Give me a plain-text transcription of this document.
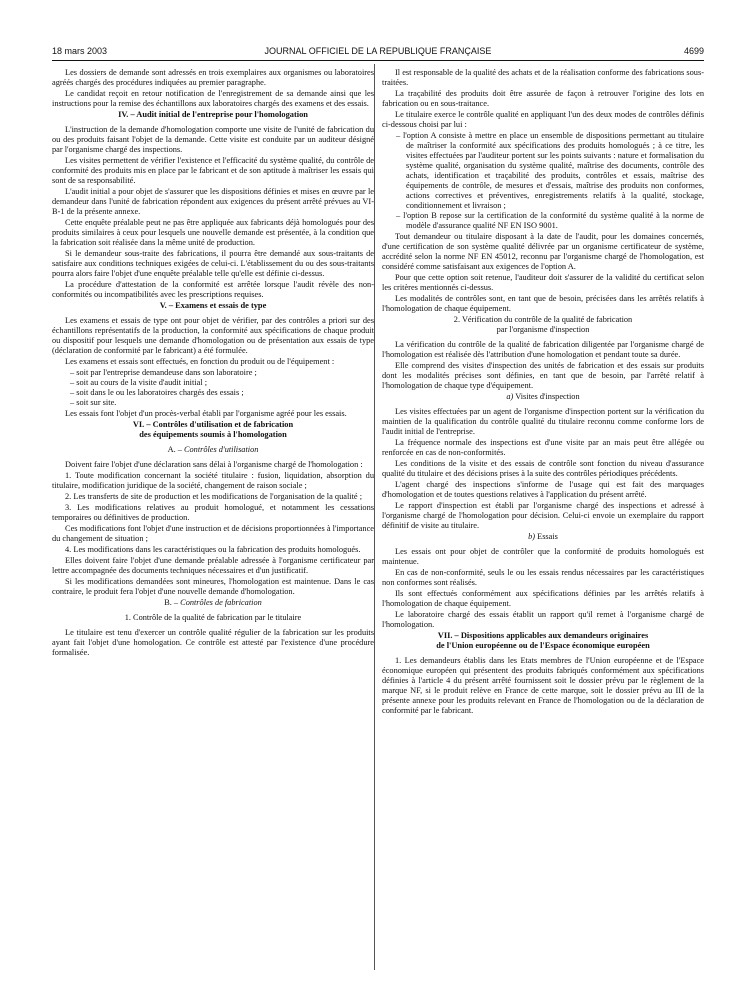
18 mars 2003	JOURNAL OFFICIEL DE LA REPUBLIQUE FRANÇAISE	4699

Les dossiers de demande sont adressés en trois exemplaires aux organismes ou laboratoires agréés chargés des procédures indiquées au premier paragraphe.

Le candidat reçoit en retour notification de l'enregistrement de sa demande ainsi que les instructions pour la remise des échantillons aux laboratoires chargés des examens et des essais.

IV. – Audit initial de l'entreprise pour l'homologation

L'instruction de la demande d'homologation comporte une visite de l'unité de fabrication du ou des produits faisant l'objet de la demande. Cette visite est conduite par un auditeur désigné par l'organisme chargé des inspections.

Les visites permettent de vérifier l'existence et l'efficacité du système qualité, du contrôle de conformité des produits mis en place par le fabricant et de son aptitude à maîtriser les essais qui sont de sa responsabilité.

L'audit initial a pour objet de s'assurer que les dispositions définies et mises en œuvre par le demandeur dans l'unité de fabrication répondent aux exigences du présent arrêté prévues au VI-B-1 de la présente annexe.

Cette enquête préalable peut ne pas être appliquée aux fabricants déjà homologués pour des produits similaires à ceux pour lesquels une nouvelle demande est présentée, à la condition que la fabrication soit réalisée dans la même unité de production.

Si le demandeur sous-traite des fabrications, il pourra être demandé aux sous-traitants de satisfaire aux conditions techniques exigées de celui-ci. L'établissement du ou des sous-traitants pourra alors faire l'objet d'une enquête préalable telle qu'elle est définie ci-dessus.

La procédure d'attestation de la conformité est arrêtée lorsque l'audit révèle des non-conformités ou incompatibilités avec les prescriptions requises.

V. – Examens et essais de type

Les examens et essais de type ont pour objet de vérifier, par des contrôles a priori sur des échantillons représentatifs de la production, la conformité aux spécifications de chaque produit ou dispositif pour lesquels une demande d'homologation ou de présentation aux essais de type (déclaration de conformité par le fabricant) a été formulée.

Les examens et essais sont effectués, en fonction du produit ou de l'équipement :

– soit par l'entreprise demandeuse dans son laboratoire ;
– soit au cours de la visite d'audit initial ;
– soit dans le ou les laboratoires chargés des essais ;
– soit sur site.

Les essais font l'objet d'un procès-verbal établi par l'organisme agréé pour les essais.

VI. – Contrôles d'utilisation et de fabrication
des équipements soumis à l'homologation
A. – Contrôles d'utilisation

Doivent faire l'objet d'une déclaration sans délai à l'organisme chargé de l'homologation :

1. Toute modification concernant la société titulaire : fusion, liquidation, absorption du titulaire, modification juridique de la société, changement de raison sociale ;

2. Les transferts de site de production et les modifications de l'organisation de la qualité ;

3. Les modifications relatives au produit homologué, et notamment les cessations temporaires ou définitives de production.

Ces modifications font l'objet d'une instruction et de décisions proportionnées à l'importance du changement de situation ;

4. Les modifications dans les caractéristiques ou la fabrication des produits homologués.

Elles doivent faire l'objet d'une demande préalable adressée à l'organisme certificateur par lettre accompagnée des documents techniques nécessaires et d'un justificatif.

Si les modifications demandées sont mineures, l'homologation est maintenue. Dans le cas contraire, le produit fera l'objet d'une nouvelle demande d'homologation.

B. – Contrôles de fabrication
1. Contrôle de la qualité de fabrication par le titulaire

Le titulaire est tenu d'exercer un contrôle qualité régulier de la fabrication sur les produits ayant fait l'objet d'une homologation. Ce contrôle est attesté par l'existence d'une procédure formalisée.

Il est responsable de la qualité des achats et de la réalisation conforme des fabrications sous-traitées.

La traçabilité des produits doit être assurée de façon à retrouver l'origine des lots en fabrication ou en sous-traitance.

Le titulaire exerce le contrôle qualité en appliquant l'un des deux modes de contrôles définis ci-dessous choisi par lui :

– l'option A consiste à mettre en place un ensemble de dispositions permettant au titulaire de maîtriser la conformité aux spécifications des produits homologués ; à ce titre, les visites effectuées par l'auditeur portent sur les points suivants : nature et formalisation du système qualité, organisation du système qualité, maîtrise des documents, contrôle des achats, identification et traçabilité des produits, contrôles et essais, maîtrise des équipements de contrôle, de mesures et d'essais, maîtrise des produits non conformes, actions correctives et préventives, enregistrements relatifs à la qualité, stockage, conditionnement et livraison ;
– l'option B repose sur la certification de la conformité du système qualité à la norme de modèle d'assurance qualité NF EN ISO 9001.

Tout demandeur ou titulaire disposant à la date de l'audit, pour les domaines concernés, d'une certification de son système qualité délivrée par un organisme certificateur de système, accrédité selon la norme NF EN 45012, reconnu par l'organisme chargé de l'homologation, est considéré comme satisfaisant aux exigences de l'option A.

Pour que cette option soit retenue, l'auditeur doit s'assurer de la validité du certificat selon les critères mentionnés ci-dessus.

Les modalités de contrôles sont, en tant que de besoin, précisées dans les arrêtés relatifs à l'homologation de chaque équipement.

2. Vérification du contrôle de la qualité de fabrication
par l'organisme d'inspection

La vérification du contrôle de la qualité de fabrication diligentée par l'organisme chargé de l'homologation est réalisée dès l'attribution d'une homologation et pendant toute sa durée.

Elle comprend des visites d'inspection des unités de fabrication et des essais sur produits dont les modalités précises sont définies, en tant que de besoin, par l'arrêté relatif à l'homologation de chaque type d'équipement.

a) Visites d'inspection

Les visites effectuées par un agent de l'organisme d'inspection portent sur la vérification du maintien de la qualification du contrôle qualité du titulaire reconnu comme conforme lors de l'audit initial de l'entreprise.

La fréquence normale des inspections est d'une visite par an mais peut être allégée ou renforcée en cas de non-conformités.

Les conditions de la visite et des essais de contrôle sont fonction du niveau d'assurance qualité du titulaire et des décisions prises à la suite des contrôles périodiques précédents.

L'agent chargé des inspections s'informe de l'usage qui est fait des marquages d'homologation et de toutes questions relatives à l'application du présent arrêté.

Le rapport d'inspection est établi par l'organisme chargé des inspections et adressé à l'organisme chargé de l'homologation pour décision. Celui-ci envoie un exemplaire du rapport définitif de visite au titulaire.

b) Essais

Les essais ont pour objet de contrôler que la conformité de produits homologués est maintenue.

En cas de non-conformité, seuls le ou les essais rendus nécessaires par les caractéristiques non conformes sont réalisés.

Ils sont effectués conformément aux spécifications définies par les arrêtés relatifs à l'homologation de chaque équipement.

Le laboratoire chargé des essais établit un rapport qu'il remet à l'organisme chargé de l'homologation.

VII. – Dispositions applicables aux demandeurs originaires
de l'Union européenne ou de l'Espace économique européen

1. Les demandeurs établis dans les Etats membres de l'Union européenne et de l'Espace économique européen qui présentent des produits fabriqués conformément aux spécifications définies à l'article 4 du présent arrêté fournissent soit le dossier prévu par le règlement de la marque NF, si le produit relève en France de cette marque, soit le dossier prévu au III de la présente annexe pour les produits relevant en France de l'homologation ou de la déclaration de conformité par le fabricant.
